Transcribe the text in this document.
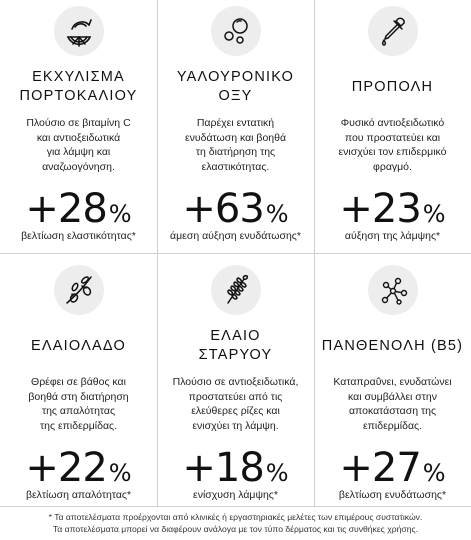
ΕΚΧΥΛΙΣΜΑ
ΠΟΡΤΟΚΑΛΙΟΥ
Πλούσιο σε βιταμίνη C
και αντιοξειδωτικά
για λάμψη και
αναζωογόνηση.
+ 28 %
βελτίωση ελαστικότητας*
ΥΑΛΟΥΡΟΝΙΚΟ
ΟΞΥ
Παρέχει εντατική
ενυδάτωση και βοηθά
τη διατήρηση της
ελαστικότητας.
+ 63 %
άμεση αύξηση ενυδάτωσης*
ΠΡΟΠΟΛΗ
Φυσικό αντιοξειδωτικό
που προστατεύει και
ενισχύει τον επιδερμικό
φραγμό.
+ 23 %
αύξηση της λάμψης*
ΕΛΑΙΟΛΑΔΟ
Θρέφει σε βάθος και
βοηθά στη διατήρηση
της απαλότητας
της επιδερμίδας.
+ 22 %
βελτίωση απαλότητας*
ΕΛΑΙΟ
ΣΤΑΡΥΟΥ
Πλούσιο σε αντιοξειδωτικά,
προστατεύει από τις
ελεύθερες ρίζες και
ενισχύει τη λάμψη.
+ 18 %
ενίσχυση λάμψης*
ΠΑΝΘΕΝΟΛΗ (Β5)
Καταπραΰνει, ενυδατώνει
και συμβάλλει στην
αποκατάσταση της
επιδερμίδας.
+ 27 %
βελτίωση ενυδάτωσης*
* Τα αποτελέσματα προέρχονται από κλινικές ή εργαστηριακές μελέτες των επιμέρους συστατικών.
Τα αποτελέσματα μπορεί να διαφέρουν ανάλογα με τον τύπο δέρματος και τις συνθήκες χρήσης.
